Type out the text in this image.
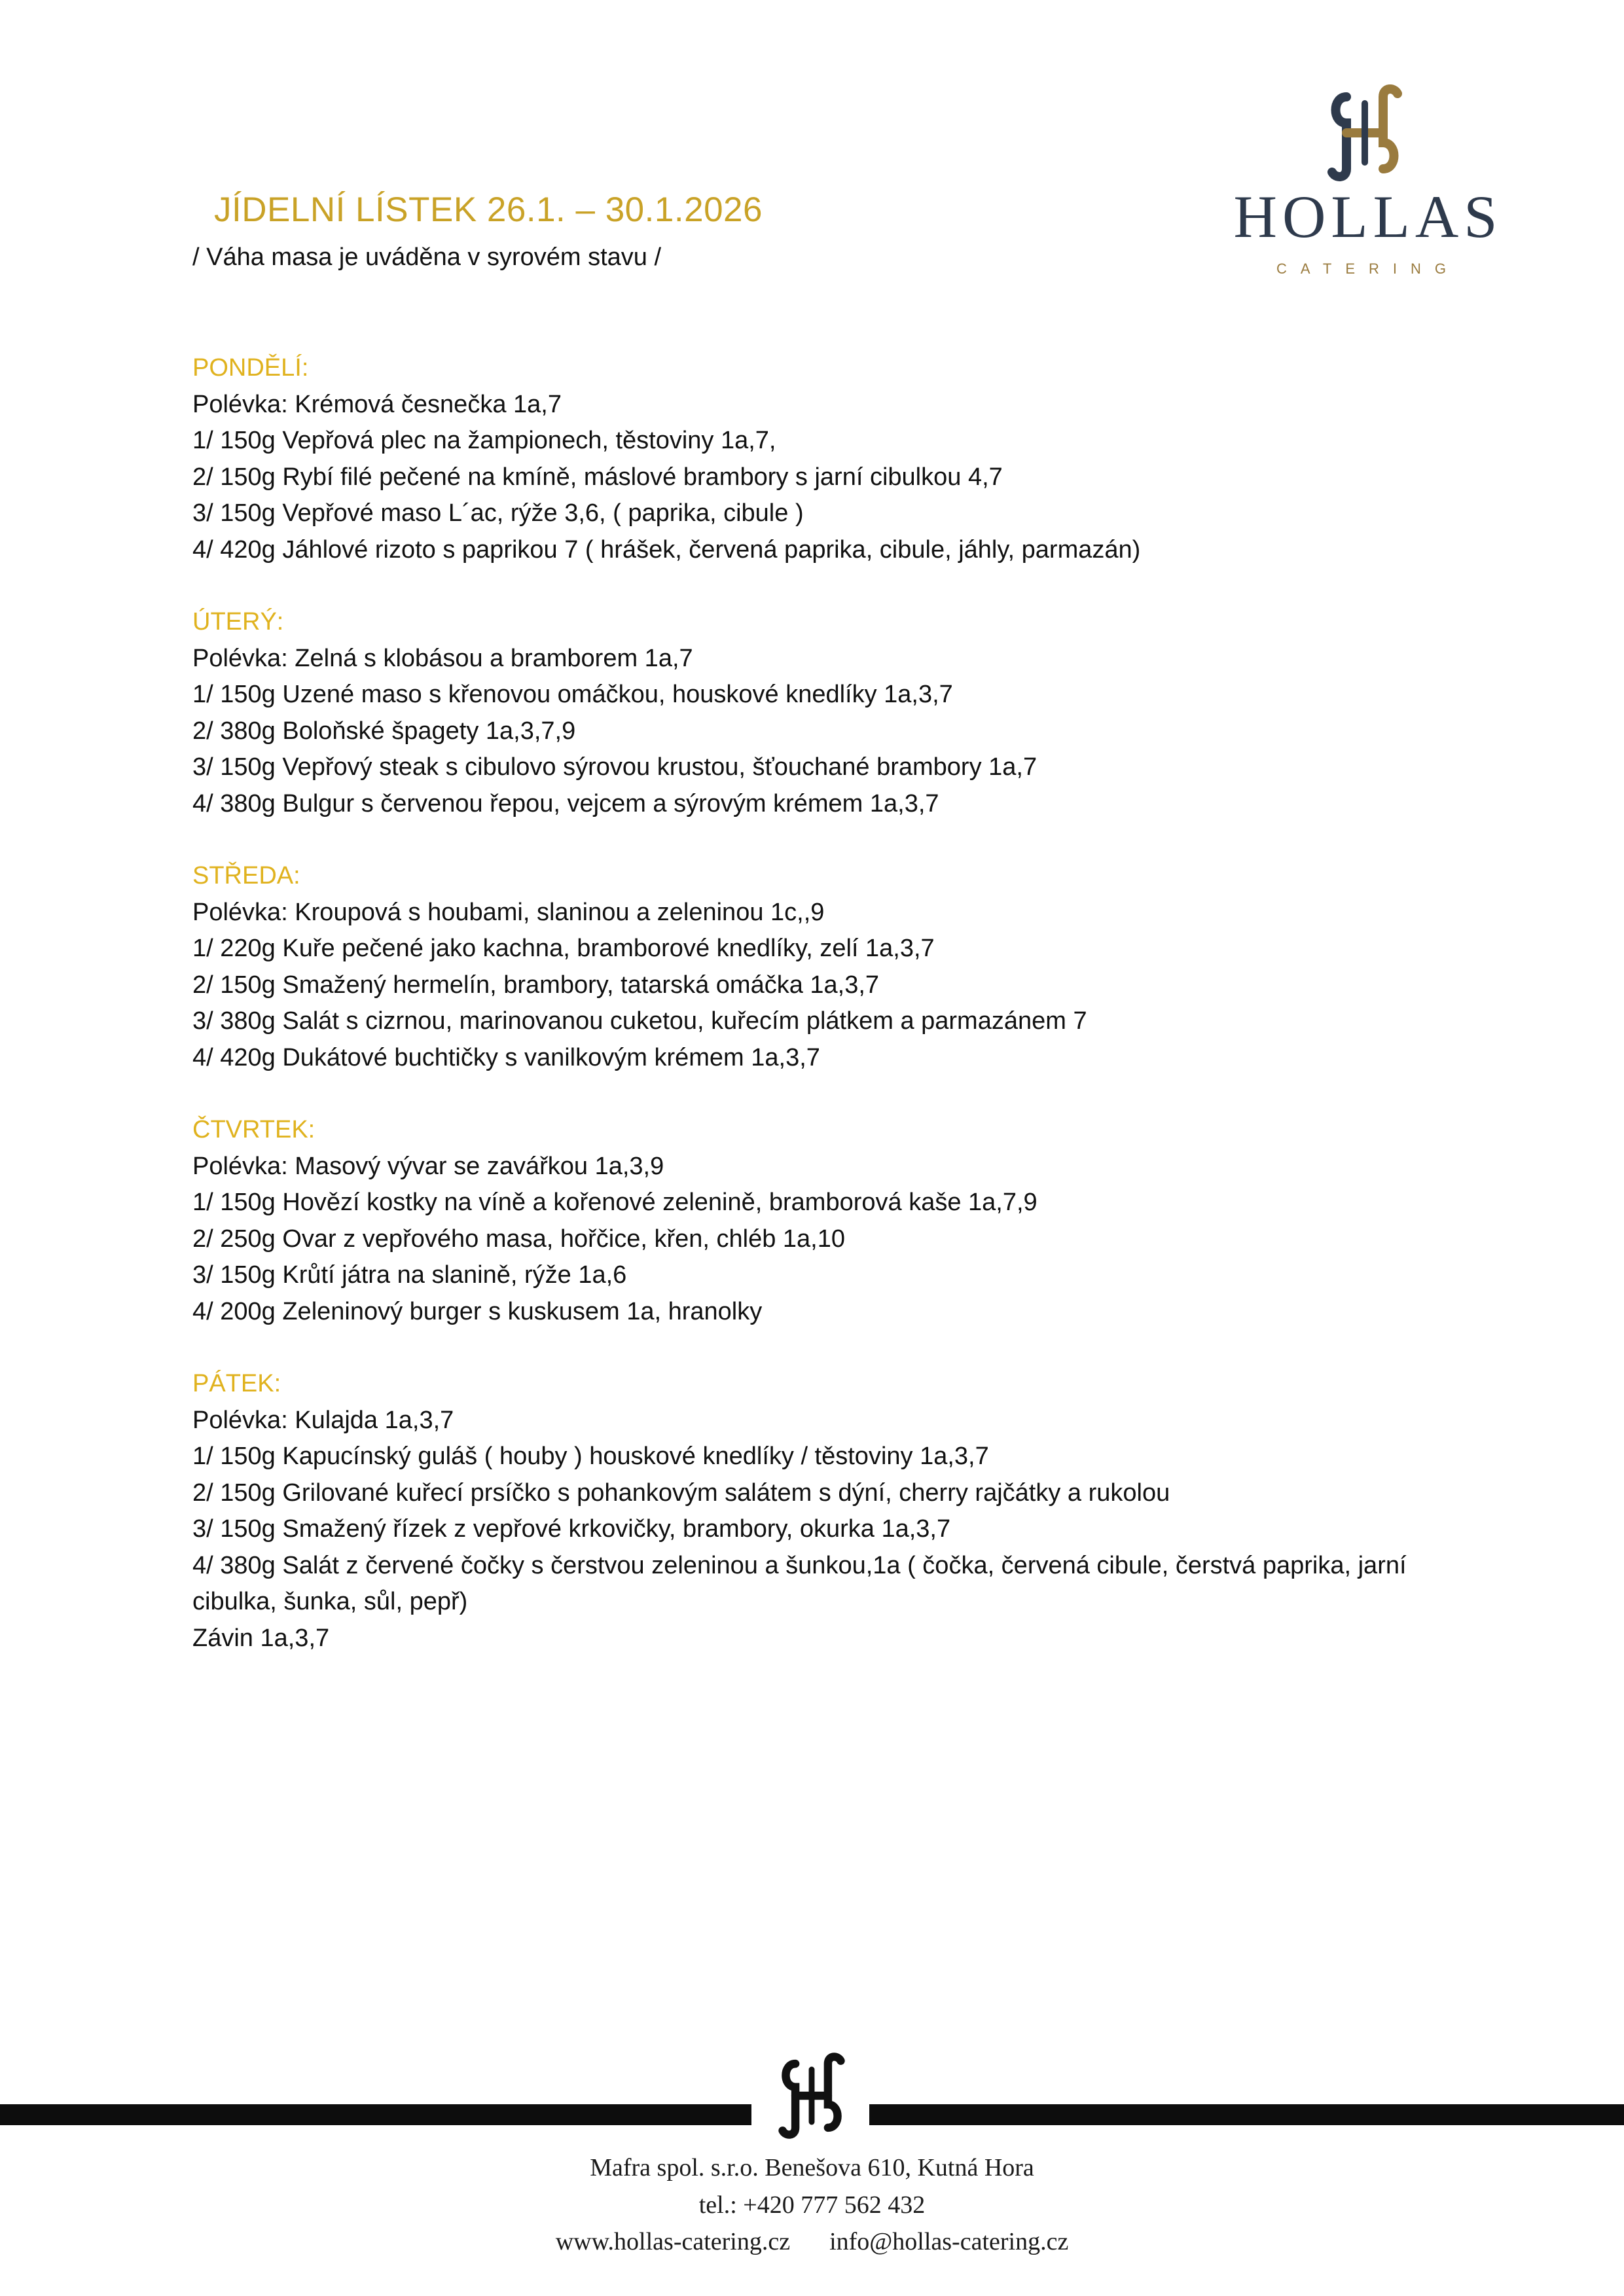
JÍDELNÍ LÍSTEK 26.1. – 30.1.2026
/ Váha masa je uváděna v syrovém stavu /
HOLLAS
CATERING
PONDĚLÍ:
Polévka: Krémová česnečka 1a,7
1/ 150g Vepřová plec na žampionech, těstoviny 1a,7,
2/ 150g Rybí filé pečené na kmíně, máslové brambory s jarní cibulkou 4,7
3/ 150g Vepřové maso L´ac, rýže 3,6, ( paprika, cibule )
4/ 420g Jáhlové rizoto s paprikou 7 ( hrášek, červená paprika, cibule, jáhly, parmazán)
ÚTERÝ:
Polévka: Zelná s klobásou a bramborem 1a,7
1/ 150g Uzené maso s křenovou omáčkou, houskové knedlíky 1a,3,7
2/ 380g Boloňské špagety 1a,3,7,9
3/ 150g Vepřový steak s cibulovo sýrovou krustou, šťouchané brambory 1a,7
4/ 380g Bulgur s červenou řepou, vejcem a sýrovým krémem 1a,3,7
STŘEDA:
Polévka: Kroupová s houbami, slaninou a zeleninou 1c,,9
1/ 220g Kuře pečené jako kachna, bramborové knedlíky, zelí 1a,3,7
2/ 150g Smažený hermelín, brambory, tatarská omáčka 1a,3,7
3/ 380g Salát s cizrnou, marinovanou cuketou, kuřecím plátkem a parmazánem 7
4/ 420g Dukátové buchtičky s vanilkovým krémem 1a,3,7
ČTVRTEK:
Polévka: Masový vývar se zavářkou 1a,3,9
1/ 150g Hovězí kostky na víně a kořenové zelenině, bramborová kaše 1a,7,9
2/ 250g Ovar z vepřového masa, hořčice, křen, chléb 1a,10
3/ 150g Krůtí játra na slanině, rýže 1a,6
4/ 200g Zeleninový burger s kuskusem 1a, hranolky
PÁTEK:
Polévka: Kulajda 1a,3,7
1/ 150g Kapucínský guláš ( houby ) houskové knedlíky / těstoviny 1a,3,7
2/ 150g Grilované kuřecí prsíčko s pohankovým salátem s dýní, cherry rajčátky a rukolou
3/ 150g Smažený řízek z vepřové krkovičky, brambory, okurka 1a,3,7
4/ 380g Salát z červené čočky s čerstvou zeleninou a šunkou,1a ( čočka, červená cibule, čerstvá paprika, jarní cibulka, šunka, sůl, pepř)
Závin 1a,3,7
Mafra spol. s.r.o. Benešova 610, Kutná Hora
tel.: +420 777 562 432
www.hollas-catering.cz info@hollas-catering.cz
